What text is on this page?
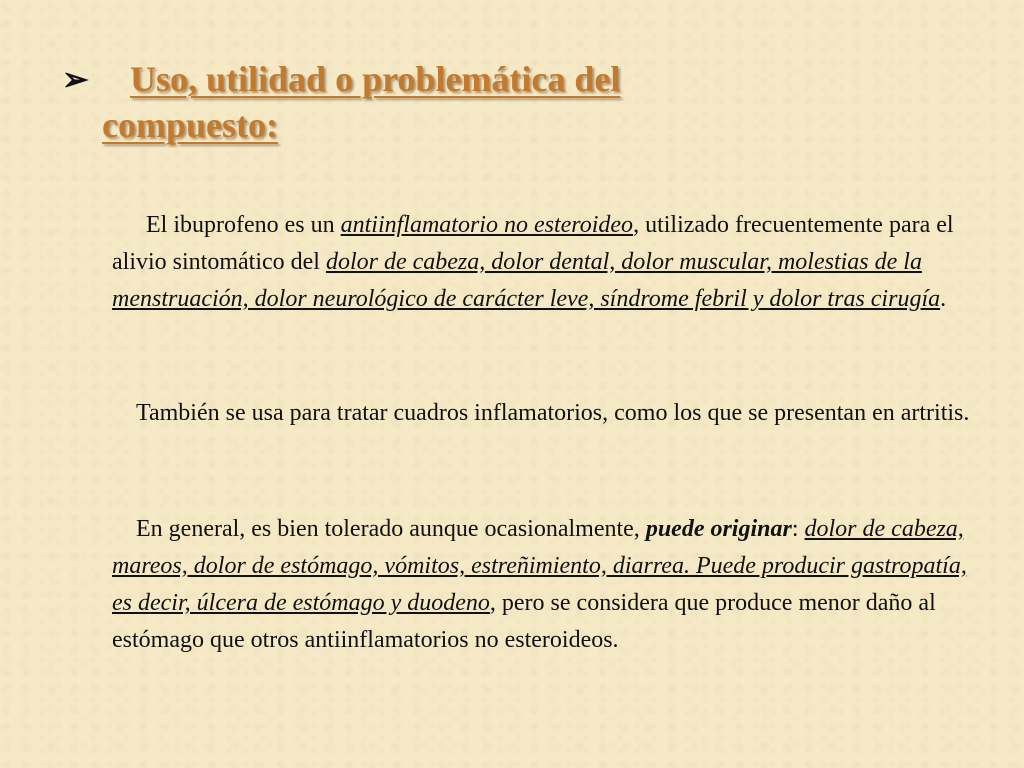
➢	Uso, utilidad o problemática del
compuesto:

El ibuprofeno es un antiinflamatorio no esteroideo, utilizado frecuentemente para el alivio sintomático del dolor de cabeza, dolor dental, dolor muscular, molestias de la menstruación, dolor neurológico de carácter leve, síndrome febril y dolor tras cirugía.

También se usa para tratar cuadros inflamatorios, como los que se presentan en artritis.

En general, es bien tolerado aunque ocasionalmente, puede originar: dolor de cabeza, mareos, dolor de estómago, vómitos, estreñimiento, diarrea. Puede producir gastropatía, es decir, úlcera de estómago y duodeno, pero se considera que produce menor daño al estómago que otros antiinflamatorios no esteroideos.
